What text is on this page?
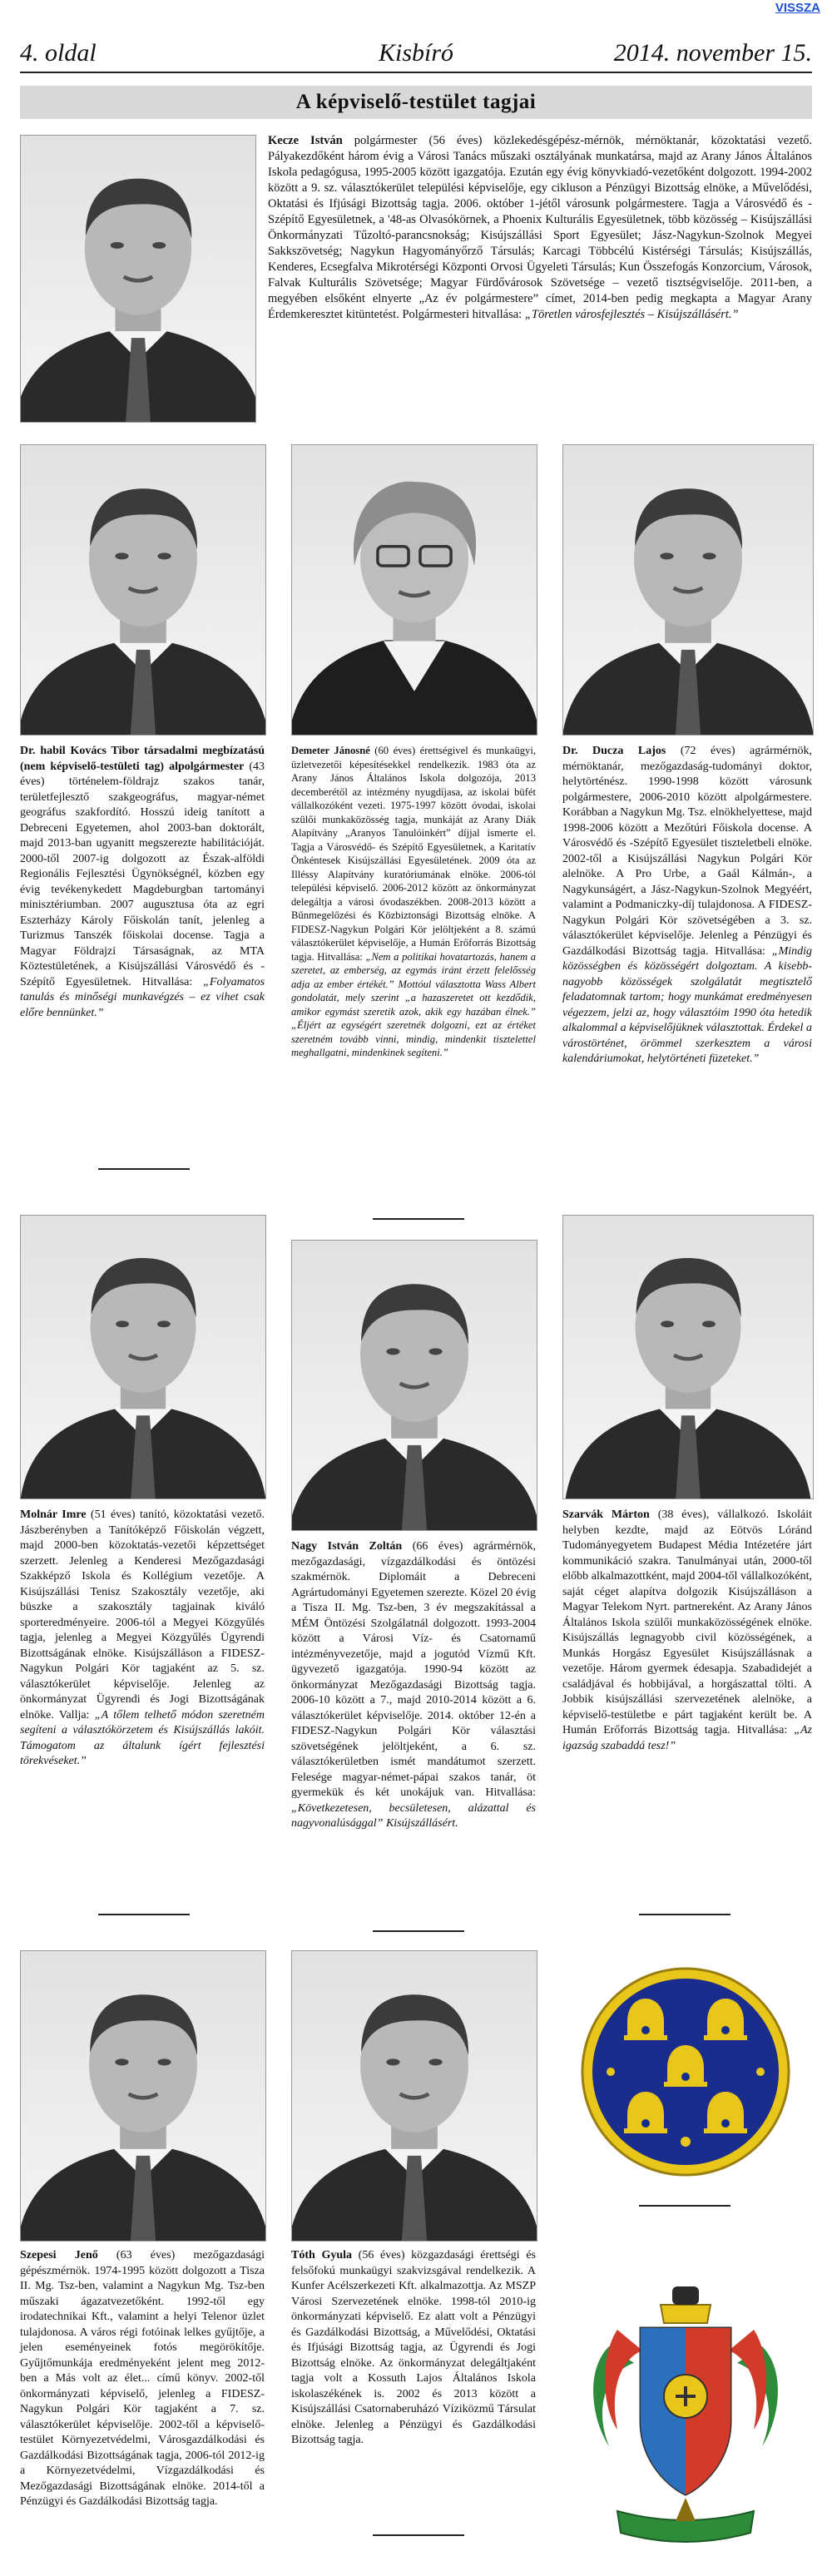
VISSZA
4. oldal	Kisbíró	2014. november 15.
A képviselő-testület tagjai
Kecze István polgármester (56 éves) közlekedésgépész-mérnök, mérnöktanár, közoktatási vezető. Pályakezdőként három évig a Városi Tanács műszaki osztályának munkatársa, majd az Arany János Általános Iskola pedagógusa, 1995-2005 között igazgatója. Ezután egy évig könyvkiadó-vezetőként dolgozott. 1994-2002 között a 9. sz. választókerület települési képviselője, egy cikluson a Pénzügyi Bizottság elnöke, a Művelődési, Oktatási és Ifjúsági Bizottság tagja. 2006. október 1-jétől városunk polgármestere. Tagja a Városvédő és -Szépítő Egyesületnek, a '48-as Olvasókörnek, a Phoenix Kulturális Egyesületnek, több közösség – Kisújszállási Önkormányzati Tűzoltó-parancsnokság; Kisújszállási Sport Egyesület; Jász-Nagykun-Szolnok Megyei Sakkszövetség; Nagykun Hagyományőrző Társulás; Karcagi Többcélú Kistérségi Társulás; Kisújszállás, Kenderes, Ecsegfalva Mikrotérségi Központi Orvosi Ügyeleti Társulás; Kun Összefogás Konzorcium, Városok, Falvak Kulturális Szövetsége; Magyar Fürdővárosok Szövetsége – vezető tisztségviselője. 2011-ben, a megyében elsőként elnyerte „Az év polgármestere” címet, 2014-ben pedig megkapta a Magyar Arany Érdemkeresztet kitüntetést. Polgármesteri hitvallása: „Töretlen városfejlesztés – Kisújszállásért.”
Dr. habil Kovács Tibor társadalmi megbízatású (nem képviselő-testületi tag) alpolgármester (43 éves) történelem-földrajz szakos tanár, területfejlesztő szakgeográfus, magyar-német geográfus szakfordító. Hosszú ideig tanított a Debreceni Egyetemen, ahol 2003-ban doktorált, majd 2013-ban ugyanitt megszerezte habilitációját. 2000-től 2007-ig dolgozott az Észak-alföldi Regionális Fejlesztési Ügynökségnél, közben egy évig tevékenykedett Magdeburgban tartományi minisztériumban. 2007 augusztusa óta az egri Eszterházy Károly Főiskolán tanít, jelenleg a Turizmus Tanszék főiskolai docense. Tagja a Magyar Földrajzi Társaságnak, az MTA Köztestületének, a Kisújszállási Városvédő és -Szépítő Egyesületnek. Hitvallása: „Folyamatos tanulás és minőségi munkavégzés – ez vihet csak előre bennünket.”
Demeter Jánosné (60 éves) érettségivel és munkaügyi, üzletvezetői képesítésekkel rendelkezik. 1983 óta az Arany János Általános Iskola dolgozója, 2013 decemberétől az intézmény nyugdíjasa, az iskolai büfét vállalkozóként vezeti. 1975-1997 között óvodai, iskolai szülői munkaközösség tagja, munkáját az Arany Diák Alapítvány „Aranyos Tanulóinkért” díjjal ismerte el. Tagja a Városvédő- és Szépítő Egyesületnek, a Karitatív Önkéntesek Kisújszállási Egyesületének. 2009 óta az Illéssy Alapítvány kuratóriumának elnöke. 2006-tól települési képviselő. 2006-2012 között az önkormányzat delegáltja a városi óvodaszékben. 2008-2013 között a Bűnmegelőzési és Közbiztonsági Bizottság elnöke. A FIDESZ-Nagykun Polgári Kör jelöltjeként a 8. számú választókerület képviselője, a Humán Erőforrás Bizottság tagja. Hitvallása: „Nem a politikai hovatartozás, hanem a szeretet, az emberség, az egymás iránt érzett felelősség adja az ember értékét.” Mottóul választotta Wass Albert gondolatát, mely szerint „a hazaszeretet ott kezdődik, amikor egymást szeretik azok, akik egy hazában élnek.” „Éljért az egységért szeretnék dolgozni, ezt az értéket szeretném tovább vinni, mindig, mindenkit tisztelettel meghallgatni, mindenkinek segíteni.”
Dr. Ducza Lajos (72 éves) agrármérnök, mérnöktanár, mezőgazdaság-tudományi doktor, helytörténész. 1990-1998 között városunk polgármestere, 2006-2010 között alpolgármestere. Korábban a Nagykun Mg. Tsz. elnökhelyettese, majd 1998-2006 között a Mezőtúri Főiskola docense. A Városvédő és -Szépítő Egyesület tiszteletbeli elnöke. 2002-től a Kisújszállási Nagykun Polgári Kör alelnöke. A Pro Urbe, a Gaál Kálmán-, a Nagykunságért, a Jász-Nagykun-Szolnok Megyéért, valamint a Podmaniczky-díj tulajdonosa. A FIDESZ-Nagykun Polgári Kör szövetségében a 3. sz. választókerület képviselője. Jelenleg a Pénzügyi és Gazdálkodási Bizottság tagja. Hitvallása: „Mindig közösségben és közösségért dolgoztam. A kisebb-nagyobb közösségek szolgálatát megtisztelő feladatomnak tartom; hogy munkámat eredményesen végezzem, jelzi az, hogy választóim 1990 óta hetedik alkalommal a képviselőjüknek választottak. Érdekel a várostörténet, örömmel szerkesztem a városi kalendáriumokat, helytörténeti füzeteket.”
Molnár Imre (51 éves) tanító, közoktatási vezető. Jászberényben a Tanítóképző Főiskolán végzett, majd 2000-ben közoktatás-vezetői képzettséget szerzett. Jelenleg a Kenderesi Mezőgazdasági Szakképző Iskola és Kollégium vezetője. A Kisújszállási Tenisz Szakosztály vezetője, aki büszke a szakosztály tagjainak kiváló sporteredményeire. 2006-tól a Megyei Közgyűlés tagja, jelenleg a Megyei Közgyűlés Ügyrendi Bizottságának elnöke. Kisújszálláson a FIDESZ-Nagykun Polgári Kör tagjaként az 5. sz. választókerület képviselője. Jelenleg az önkormányzat Ügyrendi és Jogi Bizottságának elnöke. Vallja: „A tőlem telhető módon szeretném segíteni a választókörzetem és Kisújszállás lakóit. Támogatom az általunk ígért fejlesztési törekvéseket.”
Nagy István Zoltán (66 éves) agrármérnök, mezőgazdasági, vízgazdálkodási és öntözési szakmérnök. Diplomáit a Debreceni Agrártudományi Egyetemen szerezte. Közel 20 évig a Tisza II. Mg. Tsz-ben, 3 év megszakítással a MÉM Öntözési Szolgálatnál dolgozott. 1993-2004 között a Városi Víz- és Csatornamű intézményvezetője, majd a jogutód Vízmű Kft. ügyvezető igazgatója. 1990-94 között az önkormányzat Mezőgazdasági Bizottság tagja. 2006-10 között a 7., majd 2010-2014 között a 6. választókerület képviselője. 2014. október 12-én a FIDESZ-Nagykun Polgári Kör választási szövetségének jelöltjeként, a 6. sz. választókerületben ismét mandátumot szerzett. Felesége magyar-német-pápai szakos tanár, öt gyermekük és két unokájuk van. Hitvallása: „Következetesen, becsületesen, alázattal és nagyvonalúsággal” Kisújszállásért.
Szarvák Márton (38 éves), vállalkozó. Iskoláit helyben kezdte, majd az Eötvös Lóránd Tudományegyetem Budapest Média Intézetére járt kommunikáció szakra. Tanulmányai után, 2000-től előbb alkalmazottként, majd 2004-től vállalkozóként, saját céget alapítva dolgozik Kisújszálláson a Magyar Telekom Nyrt. partnereként. Az Arany János Általános Iskola szülői munkaközösségének elnöke. Kisújszállás legnagyobb civil közösségének, a Munkás Horgász Egyesület Kisújszállásnak a vezetője. Három gyermek édesapja. Szabadidejét a családjával és hobbijával, a horgászattal tölti. A Jobbik kisújszállási szervezetének alelnöke, a képviselő-testületbe e párt tagjaként került be. A Humán Erőforrás Bizottság tagja. Hitvallása: „Az igazság szabaddá tesz!”
Szepesi Jenő (63 éves) mezőgazdasági gépészmérnök. 1974-1995 között dolgozott a Tisza II. Mg. Tsz-ben, valamint a Nagykun Mg. Tsz-ben műszaki ágazatvezetőként. 1992-től egy irodatechnikai Kft., valamint a helyi Telenor üzlet tulajdonosa. A város régi fotóinak lelkes gyűjtője, a jelen eseményeinek fotós megörökítője. Gyűjtőmunkája eredményeként jelent meg 2012-ben a Más volt az élet... című könyv. 2002-től önkormányzati képviselő, jelenleg a FIDESZ-Nagykun Polgári Kör tagjaként a 7. sz. választókerület képviselője. 2002-től a képviselő-testület Környezetvédelmi, Városgazdálkodási és Gazdálkodási Bizottságának tagja, 2006-tól 2012-ig a Környezetvédelmi, Vízgazdálkodási és Mezőgazdasági Bizottságának elnöke. 2014-től a Pénzügyi és Gazdálkodási Bizottság tagja.
Tóth Gyula (56 éves) közgazdasági érettségi és felsőfokú munkaügyi szakvizsgával rendelkezik. A Kunfer Acélszerkezeti Kft. alkalmazottja. Az MSZP Városi Szervezetének elnöke. 1998-tól 2010-ig önkormányzati képviselő. Ez alatt volt a Pénzügyi és Gazdálkodási Bizottság, a Művelődési, Oktatási és Ifjúsági Bizottság tagja, az Ügyrendi és Jogi Bizottság elnöke. Az önkormányzat delegáltjaként tagja volt a Kossuth Lajos Általános Iskola iskolaszékének is. 2002 és 2013 között a Kisújszállási Csatornaberuházó Víziközmű Társulat elnöke. Jelenleg a Pénzügyi és Gazdálkodási Bizottság tagja.
